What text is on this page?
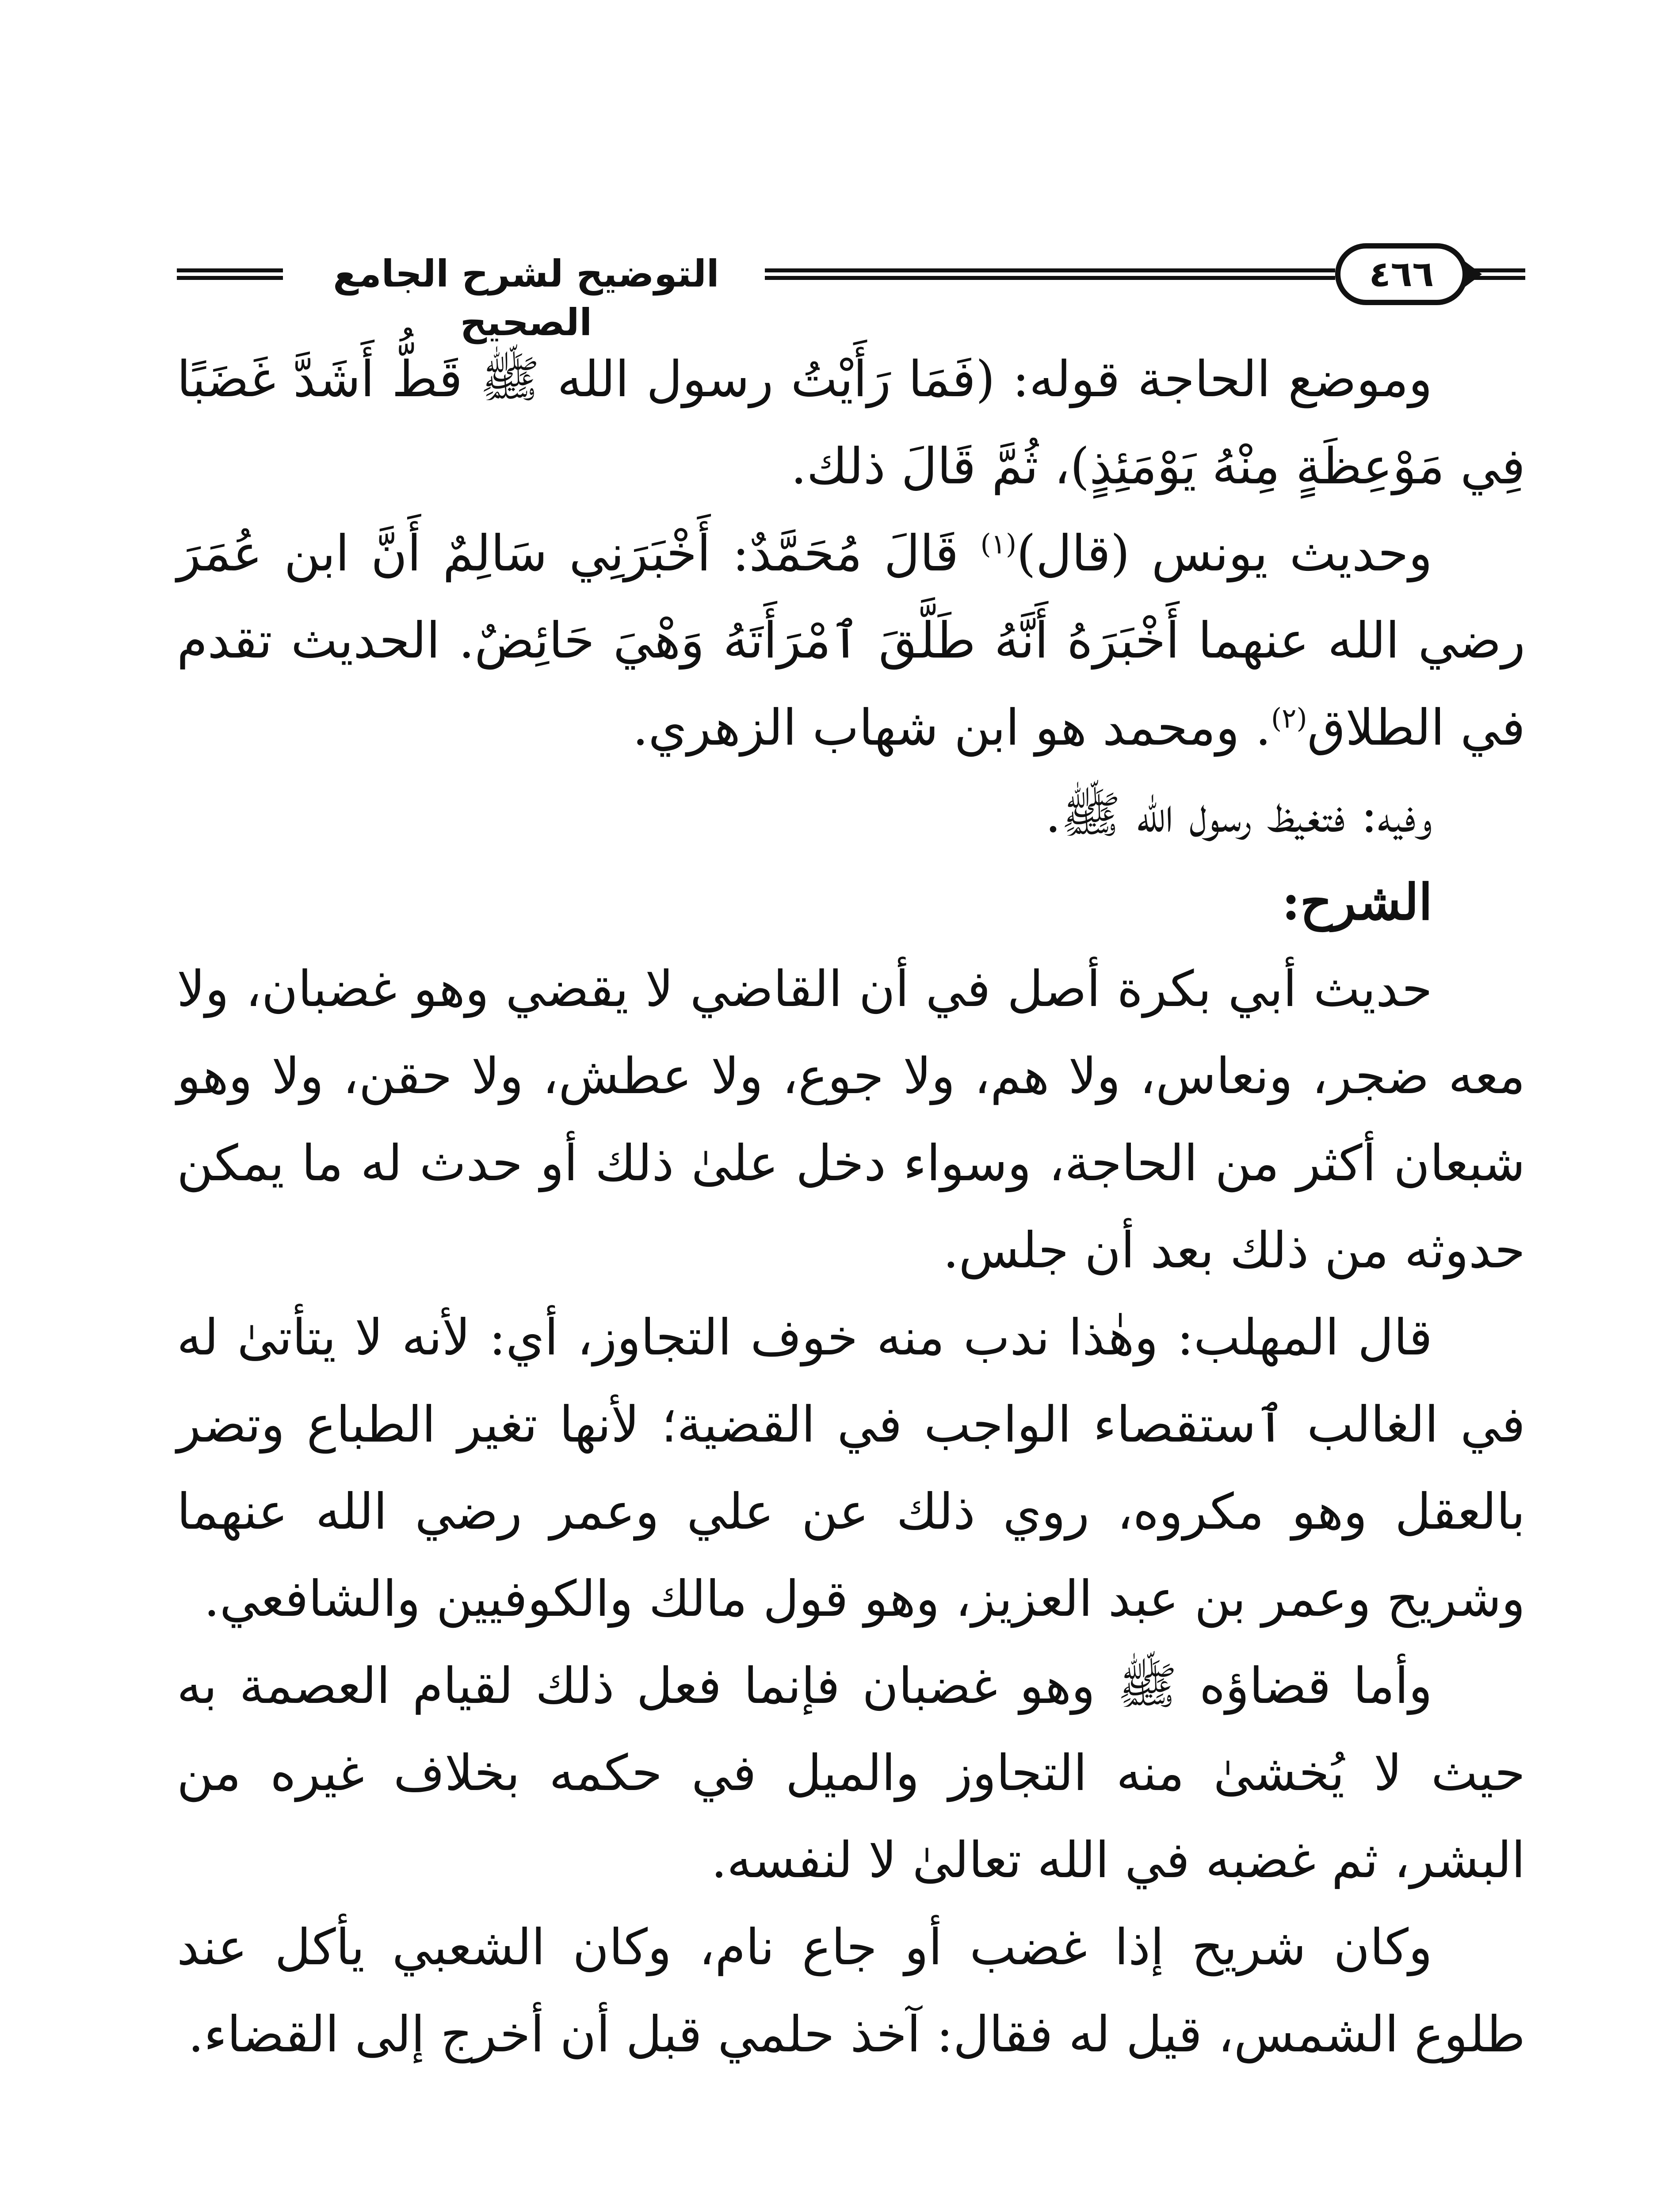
التوضيح لشرح الجامع الصحيح
٤٦٦

وموضع الحاجة قوله: (فَمَا رَأَيْتُ رسول الله ﷺ قَطُّ أَشَدَّ غَضَبًا فِي مَوْعِظَةٍ مِنْهُ يَوْمَئِذٍ)، ثُمَّ قَالَ ذلك.

وحديث يونس (قال)$^{(١)}$ قَالَ مُحَمَّدٌ: أَخْبَرَنِي سَالِمٌ أَنَّ ابن عُمَرَ رضي الله عنهما أَخْبَرَهُ أَنَّهُ طَلَّقَ ٱمْرَأَتَهُ وَهْيَ حَائِضٌ. الحديث تقدم في الطلاق$^{(٢)}$. ومحمد هو ابن شهاب الزهري.

وفيه: فتغيظ رسول الله ﷺ.

الشرح:

حديث أبي بكرة أصل في أن القاضي لا يقضي وهو غضبان، ولا معه ضجر، ونعاس، ولا هم، ولا جوع، ولا عطش، ولا حقن، ولا وهو شبعان أكثر من الحاجة، وسواء دخل علىٰ ذلك أو حدث له ما يمكن حدوثه من ذلك بعد أن جلس.

قال المهلب: وهٰذا ندب منه خوف التجاوز، أي: لأنه لا يتأتىٰ له في الغالب ٱستقصاء الواجب في القضية؛ لأنها تغير الطباع وتضر بالعقل وهو مكروه، روي ذلك عن علي وعمر رضي الله عنهما وشريح وعمر بن عبد العزيز، وهو قول مالك والكوفيين والشافعي.

وأما قضاؤه ﷺ وهو غضبان فإنما فعل ذلك لقيام العصمة به حيث لا يُخشىٰ منه التجاوز والميل في حكمه بخلاف غيره من البشر، ثم غضبه في الله تعالىٰ لا لنفسه.

وكان شريح إذا غضب أو جاع نام، وكان الشعبي يأكل عند طلوع الشمس، قيل له فقال: آخذ حلمي قبل أن أخرج إلى القضاء.
